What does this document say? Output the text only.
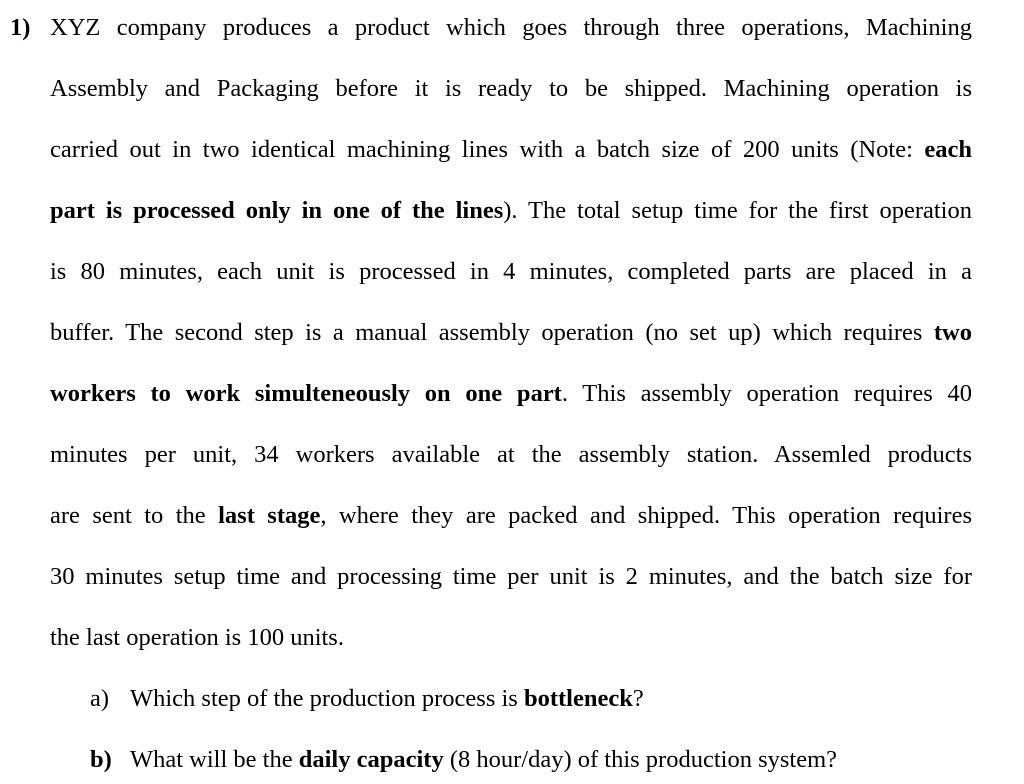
1) XYZ company produces a product which goes through three operations, Machining
Assembly and Packaging before it is ready to be shipped. Machining operation is
carried out in two identical machining lines with a batch size of 200 units (Note: each
part is processed only in one of the lines). The total setup time for the first operation
is 80 minutes, each unit is processed in 4 minutes, completed parts are placed in a
buffer. The second step is a manual assembly operation (no set up) which requires two
workers to work simulteneously on one part. This assembly operation requires 40
minutes per unit, 34 workers available at the assembly station. Assemled products
are sent to the last stage, where they are packed and shipped. This operation requires
30 minutes setup time and processing time per unit is 2 minutes, and the batch size for
the last operation is 100 units.
a) Which step of the production process is bottleneck?
b) What will be the daily capacity (8 hour/day) of this production system?
